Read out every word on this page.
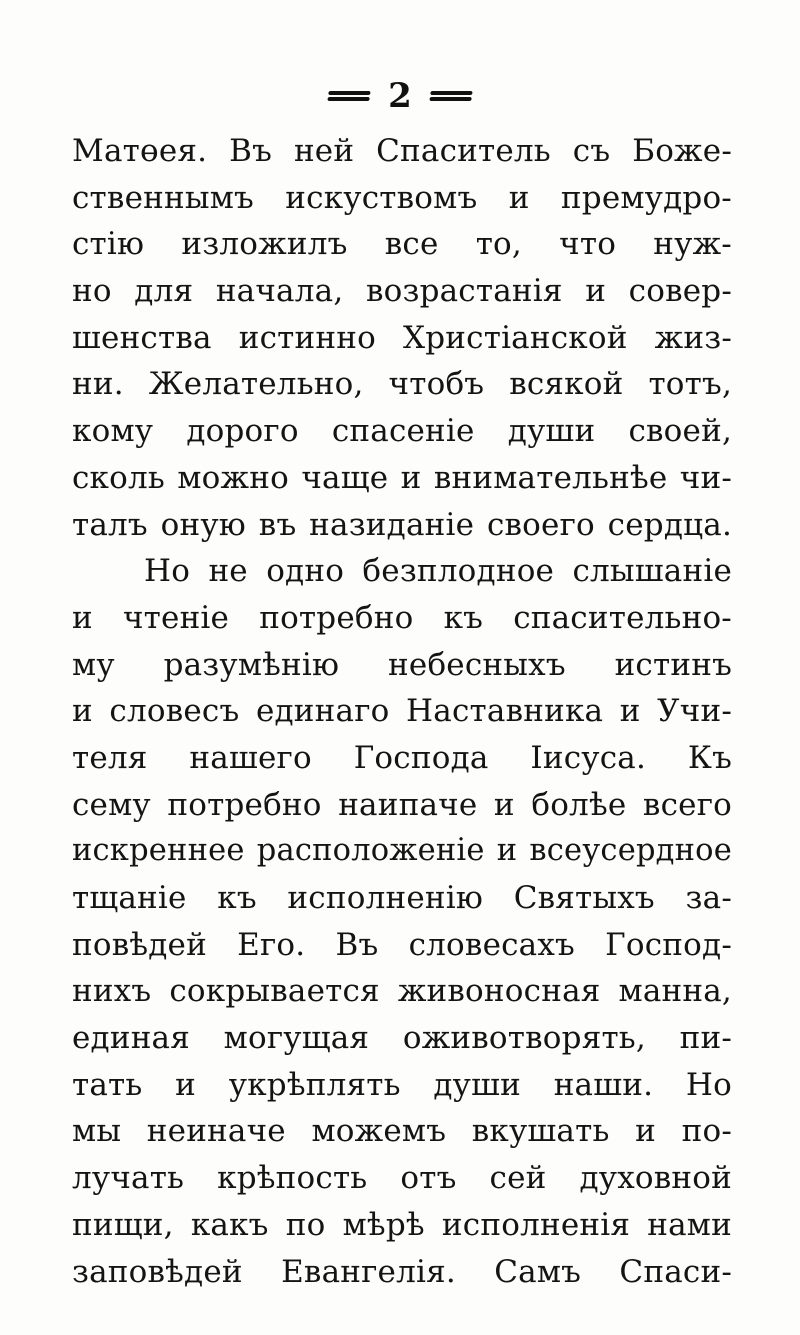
2
Матөея. Въ ней Спаситель съ Боже-
ственнымъ искуствомъ и премудро-
стію изложилъ все то, что нуж-
но для начала, возрастанія и совер-
шенства истинно Христіанской жиз-
ни. Желательно, чтобъ всякой тотъ,
кому дорого спасеніе души своей,
сколь можно чаще и внимательнѣе чи-
талъ оную въ назиданіе своего сердца.
Но не одно безплодное слышаніе
и чтеніе потребно къ спасительно-
му разумѣнію небесныхъ истинъ
и словесъ единаго Наставника и Учи-
теля нашего Господа Іисуса. Къ
сему потребно наипаче и болѣе всего
искреннее расположеніе и всеусердное
тщаніе къ исполненію Святыхъ за-
повѣдей Его. Въ словесахъ Господ-
нихъ сокрывается живоносная манна,
единая могущая оживотворять, пи-
тать и укрѣплять души наши. Но
мы неиначе можемъ вкушать и по-
лучать крѣпость отъ сей духовной
пищи, какъ по мѣрѣ исполненія нами
заповѣдей Евангелія. Самъ Спаси-
